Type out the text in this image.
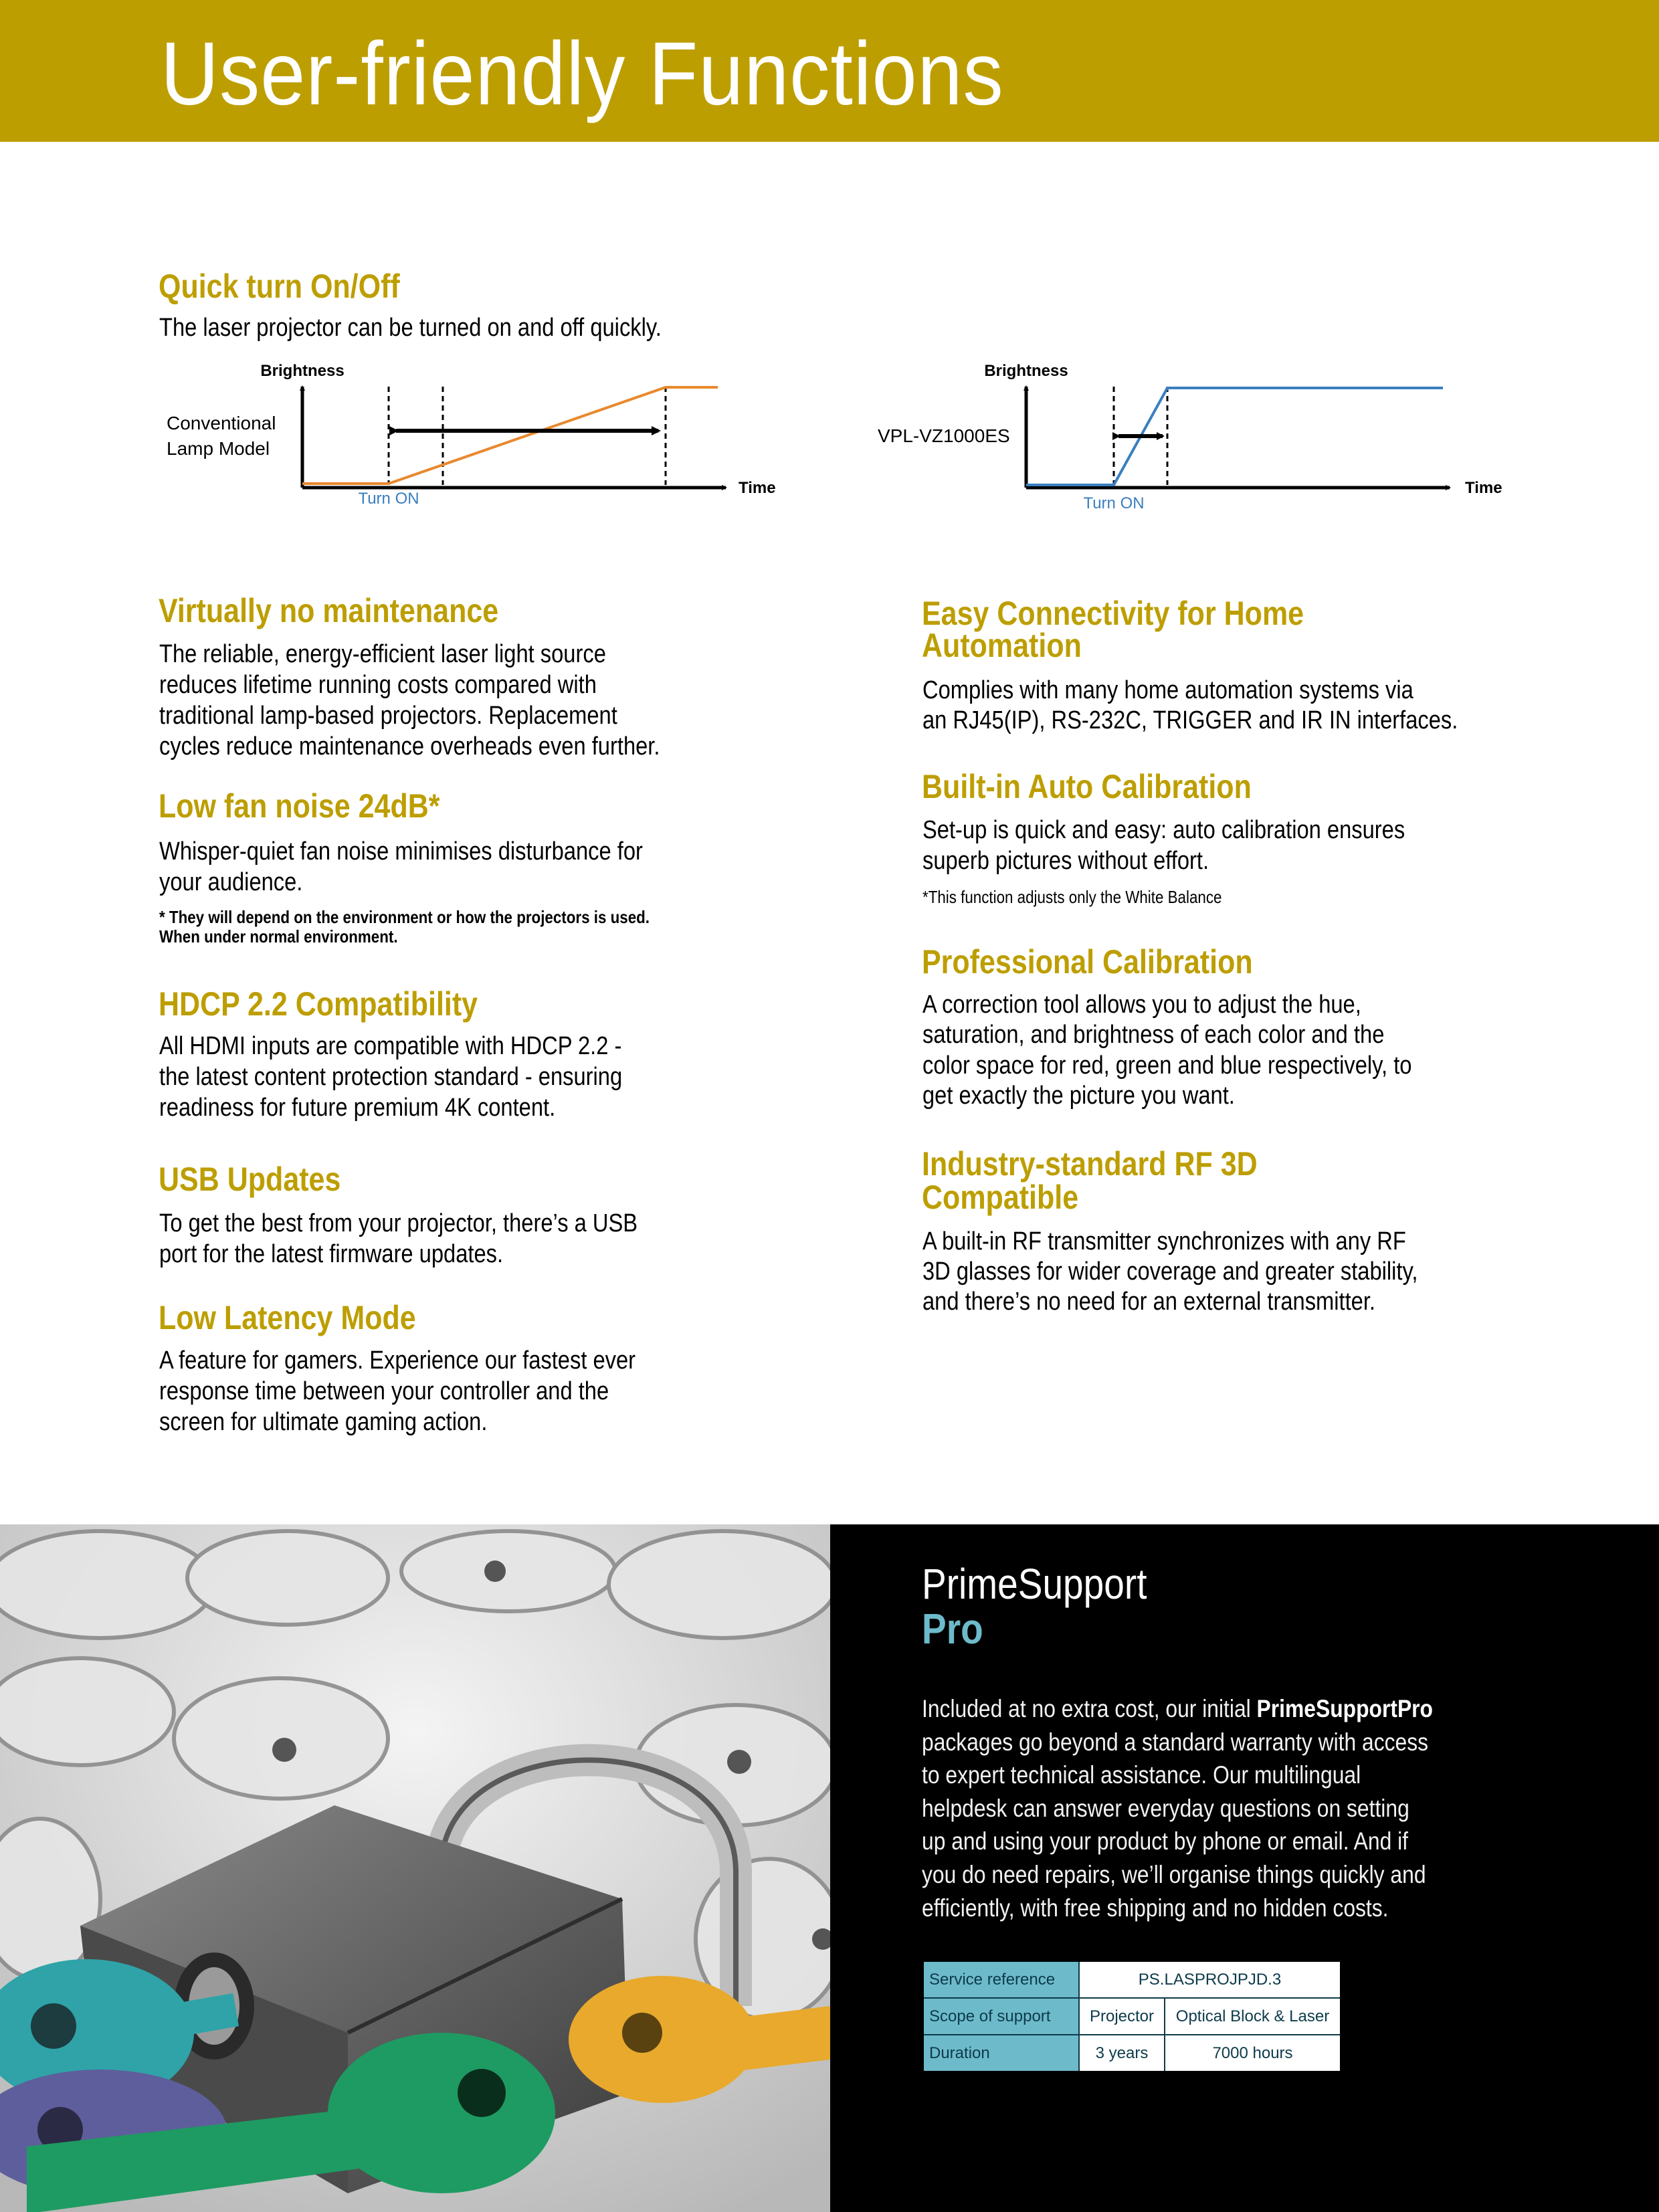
User-friendly Functions
Quick turn On/Off
The laser projector can be turned on and off quickly.
Brightness
Time
Conventional
Lamp Model
Turn ON
Brightness
Time
VPL-VZ1000ES
Turn ON
Virtually no maintenance
The reliable, energy-efficient laser light source
reduces lifetime running costs compared with
traditional lamp-based projectors. Replacement
cycles reduce maintenance overheads even further.
Low fan noise 24dB*
Whisper-quiet fan noise minimises disturbance for
your audience.
* They will depend on the environment or how the projectors is used.
When under normal environment.
HDCP 2.2 Compatibility
All HDMI inputs are compatible with HDCP 2.2 -
the latest content protection standard - ensuring
readiness for future premium 4K content.
USB Updates
To get the best from your projector, there’s a USB
port for the latest firmware updates.
Low Latency Mode
A feature for gamers. Experience our fastest ever
response time between your controller and the
screen for ultimate gaming action.
Easy Connectivity for Home
Automation
Complies with many home automation systems via
an RJ45(IP), RS-232C, TRIGGER and IR IN interfaces.
Built-in Auto Calibration
Set-up is quick and easy: auto calibration ensures
superb pictures without effort.
*This function adjusts only the White Balance
Professional Calibration
A correction tool allows you to adjust the hue,
saturation, and brightness of each color and the
color space for red, green and blue respectively, to
get exactly the picture you want.
Industry-standard RF 3D
Compatible
A built-in RF transmitter synchronizes with any RF
3D glasses for wider coverage and greater stability,
and there’s no need for an external transmitter.
PrimeSupport
Pro
Included at no extra cost, our initial PrimeSupportPro
packages go beyond a standard warranty with access
to expert technical assistance. Our multilingual
helpdesk can answer everyday questions on setting
up and using your product by phone or email. And if
you do need repairs, we’ll organise things quickly and
efficiently, with free shipping and no hidden costs.
Service reference	PS.LASPROJPJD.3	
Scope of support	Projector	Optical Block & Laser
Duration	3 years	7000 hours
